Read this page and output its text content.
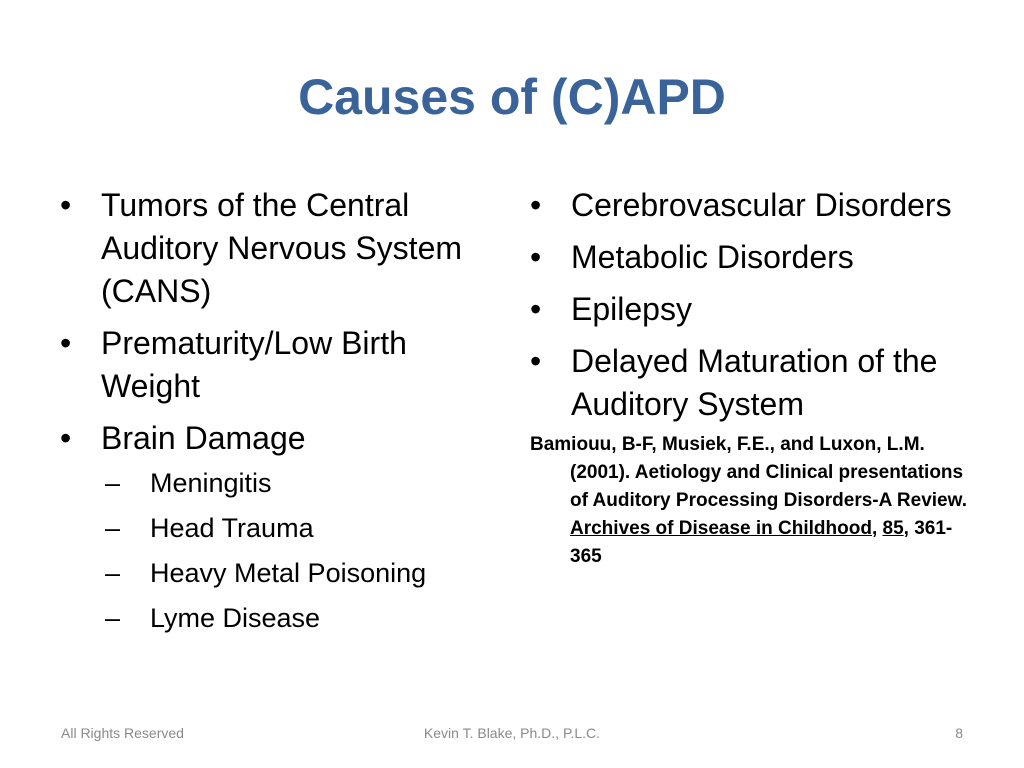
Causes of (C)APD
• Tumors of the Central Auditory Nervous System (CANS)
• Prematurity/Low Birth Weight
• Brain Damage
– Meningitis
– Head Trauma
– Heavy Metal Poisoning
– Lyme Disease
• Cerebrovascular Disorders
• Metabolic Disorders
• Epilepsy
• Delayed Maturation of the Auditory System
Bamiouu, B-F, Musiek, F.E., and Luxon, L.M. (2001). Aetiology and Clinical presentations of Auditory Processing Disorders-A Review. Archives of Disease in Childhood, 85, 361-365
All Rights Reserved	Kevin T. Blake, Ph.D., P.L.C.	8
